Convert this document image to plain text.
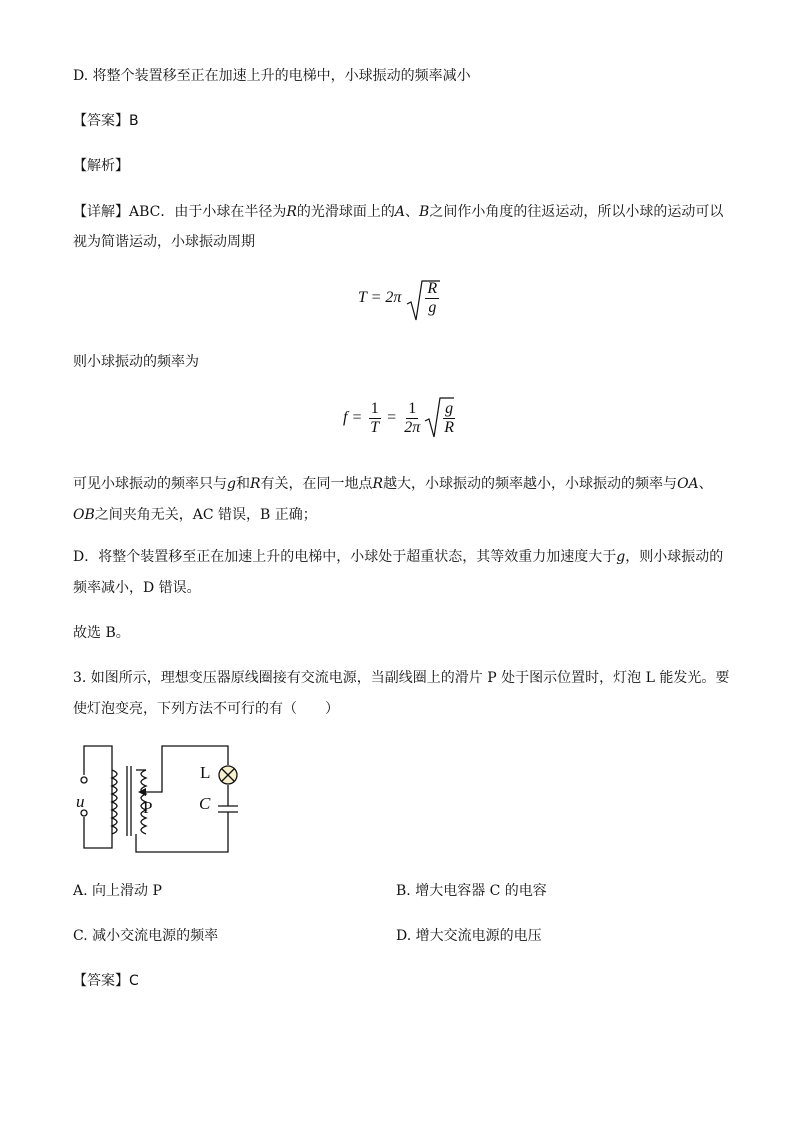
D. 将整个装置移至正在加速上升的电梯中，小球振动的频率减小
【答案】B
【解析】
【详解】ABC．由于小球在半径为R的光滑球面上的A、B之间作小角度的往返运动，所以小球的运动可以
视为简谐运动，小球振动周期
$T = 2\pi \frac{R}{g}$
则小球振动的频率为
$f = \frac{1}{T} = \frac{1}{2\pi}$
$\frac{g}{R}$
可见小球振动的频率只与g和R有关，在同一地点R越大，小球振动的频率越小，小球振动的频率与OA、
OB之间夹角无关，AC 错误，B 正确；
D．将整个装置移至正在加速上升的电梯中，小球处于超重状态，其等效重力加速度大于g，则小球振动的
频率减小，D 错误。
故选 B。
3. 如图所示，理想变压器原线圈接有交流电源，当副线圈上的滑片 P 处于图示位置时，灯泡 L 能发光。要
使灯泡变亮，下列方法不可行的有（　　）
u	P
L
C
A. 向上滑动 P	B. 增大电容器 C 的电容
C. 减小交流电源的频率	D. 增大交流电源的电压
【答案】C
